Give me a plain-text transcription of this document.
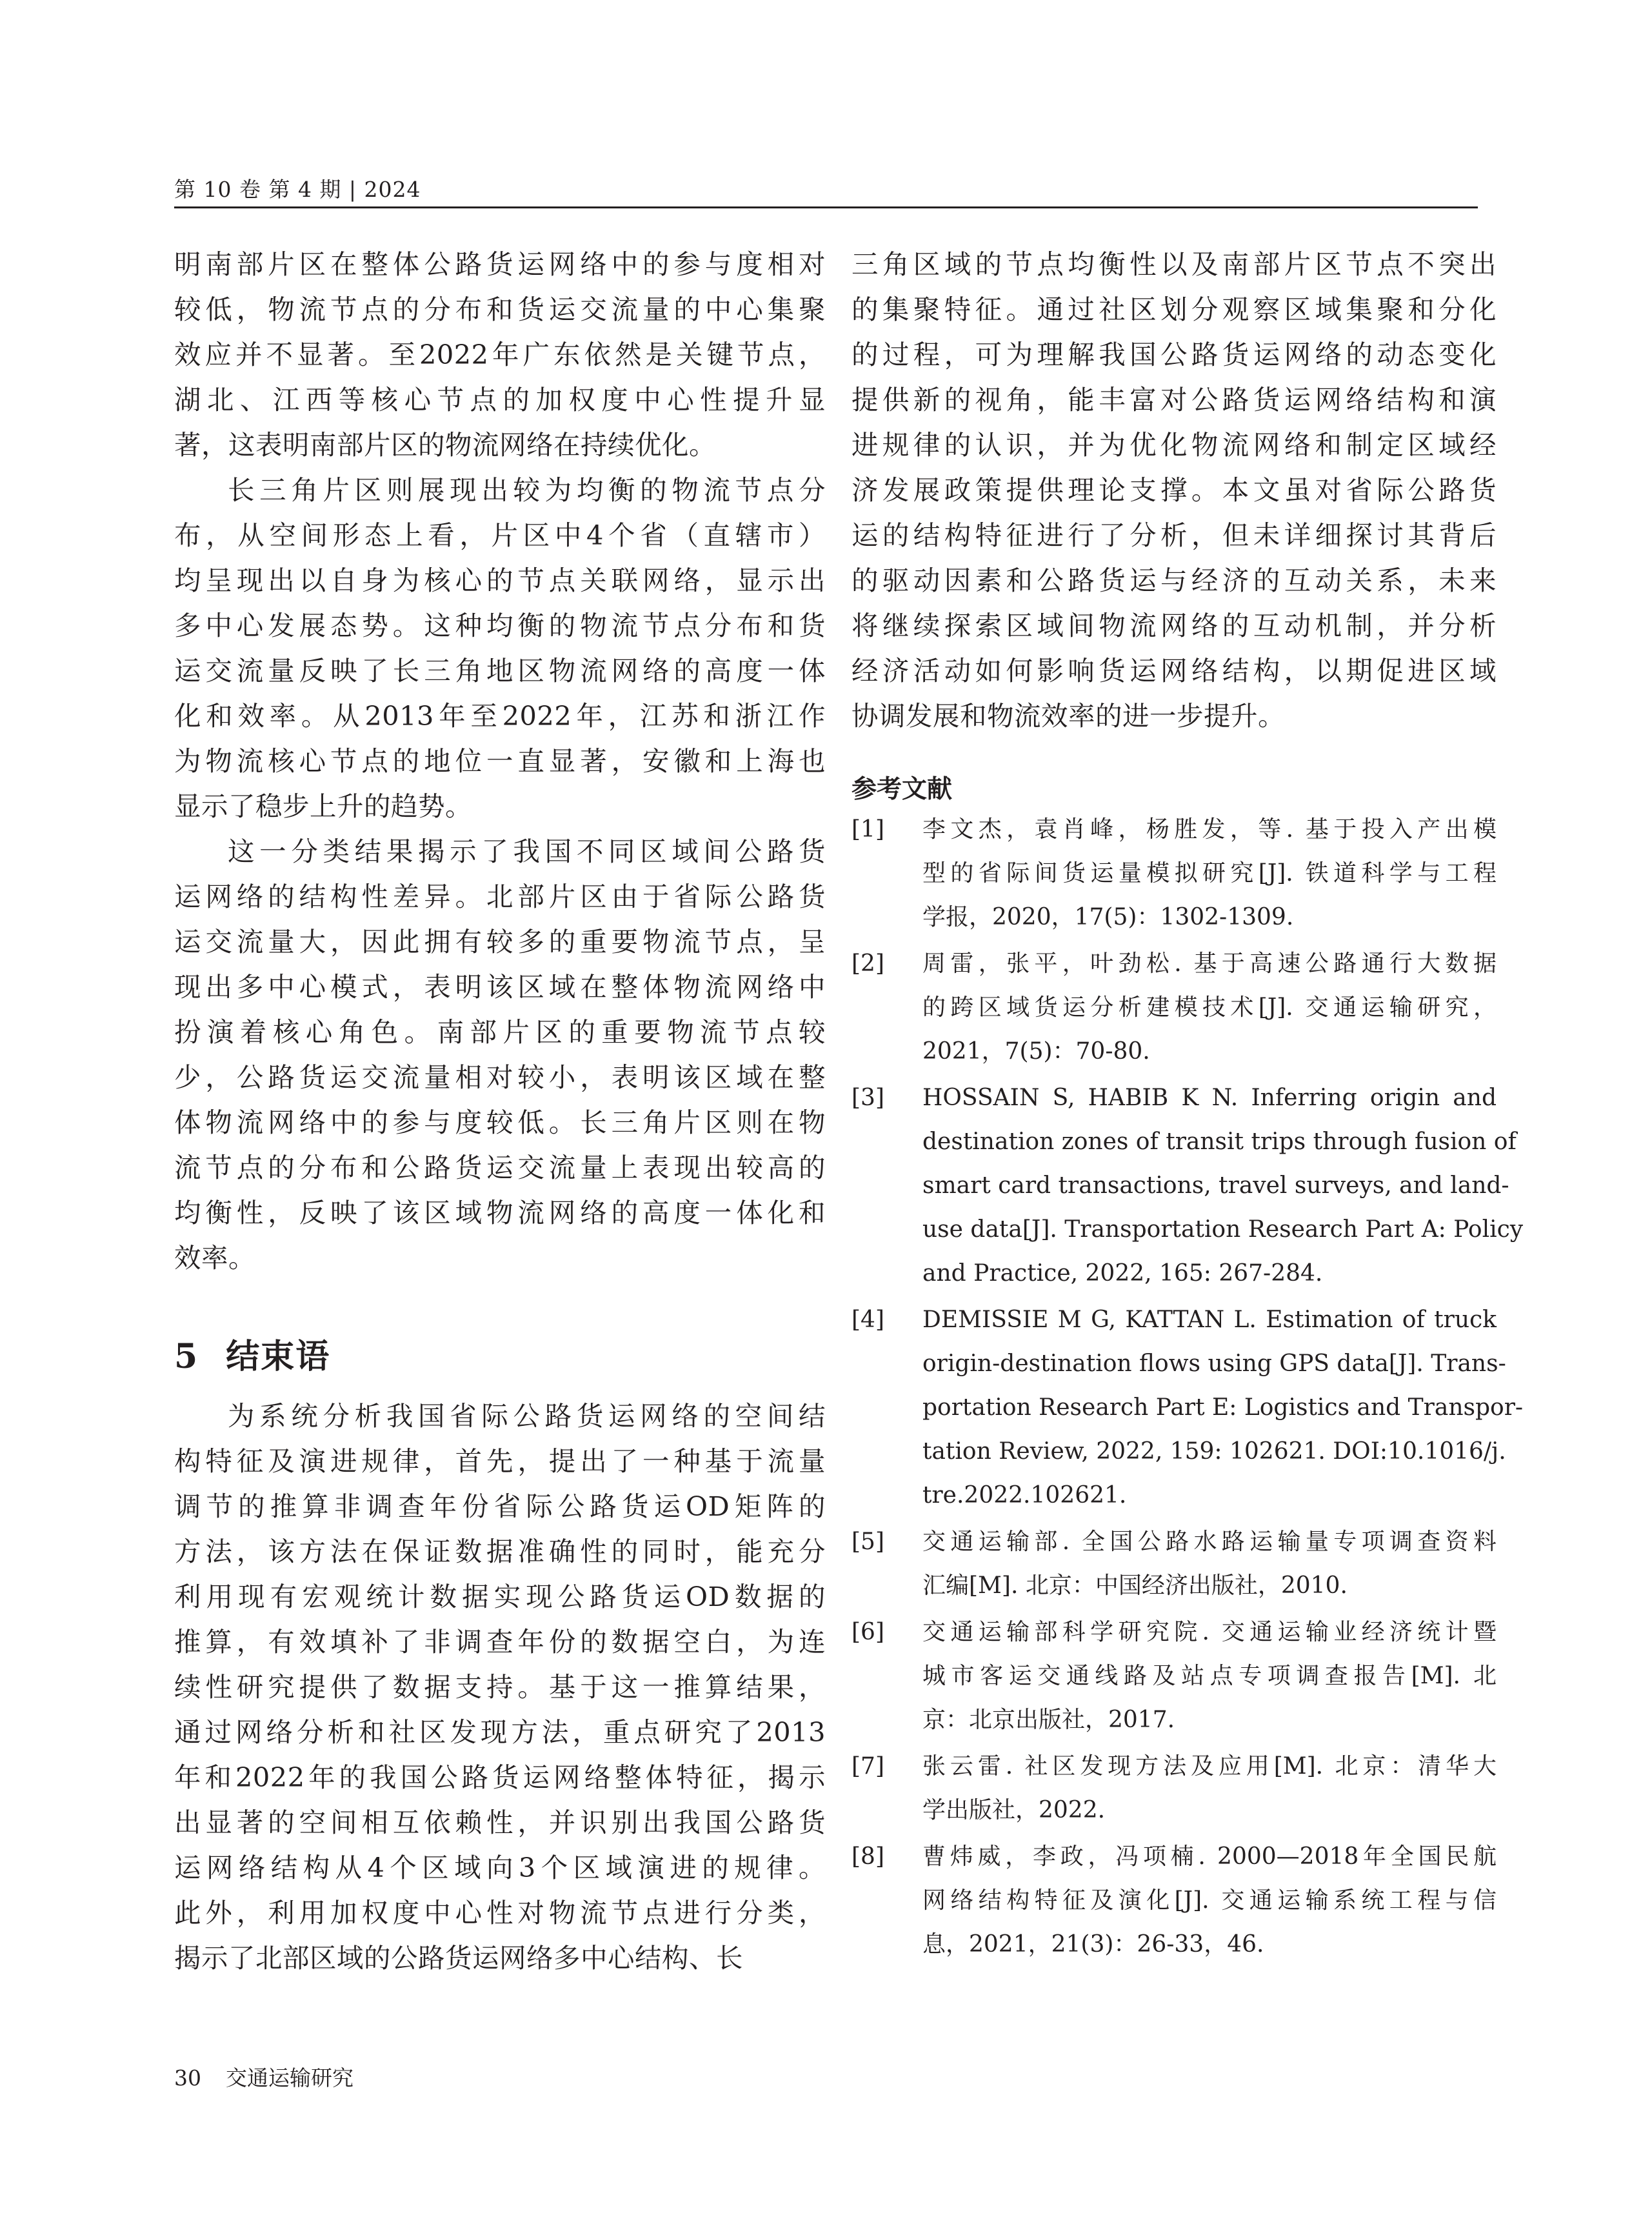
第 10 卷 第 4 期 | 2024

明南部片区在整体公路货运网络中的参与度相对
较低，物流节点的分布和货运交流量的中心集聚
效应并不显著。至2022年广东依然是关键节点，
湖北、江西等核心节点的加权度中心性提升显
著，这表明南部片区的物流网络在持续优化。

长三角片区则展现出较为均衡的物流节点分
布，从空间形态上看，片区中4个省（直辖市）
均呈现出以自身为核心的节点关联网络，显示出
多中心发展态势。这种均衡的物流节点分布和货
运交流量反映了长三角地区物流网络的高度一体
化和效率。从2013年至2022年，江苏和浙江作
为物流核心节点的地位一直显著，安徽和上海也
显示了稳步上升的趋势。

这一分类结果揭示了我国不同区域间公路货
运网络的结构性差异。北部片区由于省际公路货
运交流量大，因此拥有较多的重要物流节点，呈
现出多中心模式，表明该区域在整体物流网络中
扮演着核心角色。南部片区的重要物流节点较
少，公路货运交流量相对较小，表明该区域在整
体物流网络中的参与度较低。长三角片区则在物
流节点的分布和公路货运交流量上表现出较高的
均衡性，反映了该区域物流网络的高度一体化和
效率。

5 结束语

为系统分析我国省际公路货运网络的空间结
构特征及演进规律，首先，提出了一种基于流量
调节的推算非调查年份省际公路货运OD矩阵的
方法，该方法在保证数据准确性的同时，能充分
利用现有宏观统计数据实现公路货运OD数据的
推算，有效填补了非调查年份的数据空白，为连
续性研究提供了数据支持。基于这一推算结果，
通过网络分析和社区发现方法，重点研究了2013
年和2022年的我国公路货运网络整体特征，揭示
出显著的空间相互依赖性，并识别出我国公路货
运网络结构从4个区域向3个区域演进的规律。
此外，利用加权度中心性对物流节点进行分类，
揭示了北部区域的公路货运网络多中心结构、长

三角区域的节点均衡性以及南部片区节点不突出
的集聚特征。通过社区划分观察区域集聚和分化
的过程，可为理解我国公路货运网络的动态变化
提供新的视角，能丰富对公路货运网络结构和演
进规律的认识，并为优化物流网络和制定区域经
济发展政策提供理论支撑。本文虽对省际公路货
运的结构特征进行了分析，但未详细探讨其背后
的驱动因素和公路货运与经济的互动关系，未来
将继续探索区域间物流网络的互动机制，并分析
经济活动如何影响货运网络结构，以期促进区域
协调发展和物流效率的进一步提升。

参考文献
[1] 李文杰，袁肖峰，杨胜发，等. 基于投入产出模
型的省际间货运量模拟研究[J]. 铁道科学与工程
学报，2020，17(5)：1302-1309.
[2] 周雷，张平，叶劲松. 基于高速公路通行大数据
的跨区域货运分析建模技术[J]. 交通运输研究，
2021，7(5)：70-80.
[3] HOSSAIN S, HABIB K N. Inferring origin and
destination zones of transit trips through fusion of
smart card transactions, travel surveys, and land-
use data[J]. Transportation Research Part A: Policy
and Practice, 2022, 165: 267-284.
[4] DEMISSIE M G, KATTAN L. Estimation of truck
origin-destination flows using GPS data[J]. Trans-
portation Research Part E: Logistics and Transpor-
tation Review, 2022, 159: 102621. DOI:10.1016/j.
tre.2022.102621.
[5] 交通运输部. 全国公路水路运输量专项调查资料
汇编[M]. 北京：中国经济出版社，2010.
[6] 交通运输部科学研究院. 交通运输业经济统计暨
城市客运交通线路及站点专项调查报告[M]. 北
京：北京出版社，2017.
[7] 张云雷. 社区发现方法及应用[M]. 北京：清华大
学出版社，2022.
[8] 曹炜威，李政，冯项楠. 2000—2018年全国民航
网络结构特征及演化[J]. 交通运输系统工程与信
息，2021，21(3)：26-33，46.
30 交通运输研究
